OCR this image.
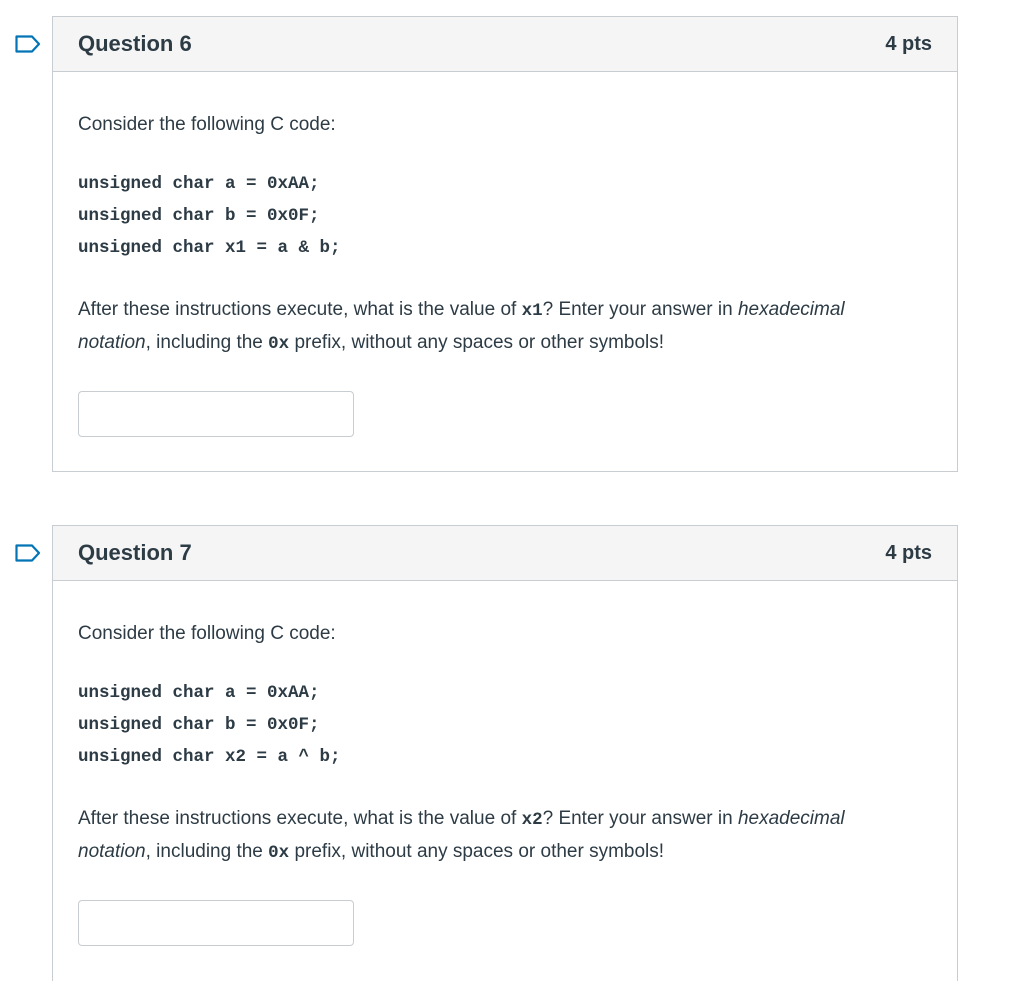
Question 6	4 pts

Consider the following C code:

unsigned char a = 0xAA;
unsigned char b = 0x0F;
unsigned char x1 = a & b;

After these instructions execute, what is the value of x1? Enter your answer in hexadecimal notation, including the 0x prefix, without any spaces or other symbols!

Question 7	4 pts

Consider the following C code:

unsigned char a = 0xAA;
unsigned char b = 0x0F;
unsigned char x2 = a ^ b;

After these instructions execute, what is the value of x2? Enter your answer in hexadecimal notation, including the 0x prefix, without any spaces or other symbols!
